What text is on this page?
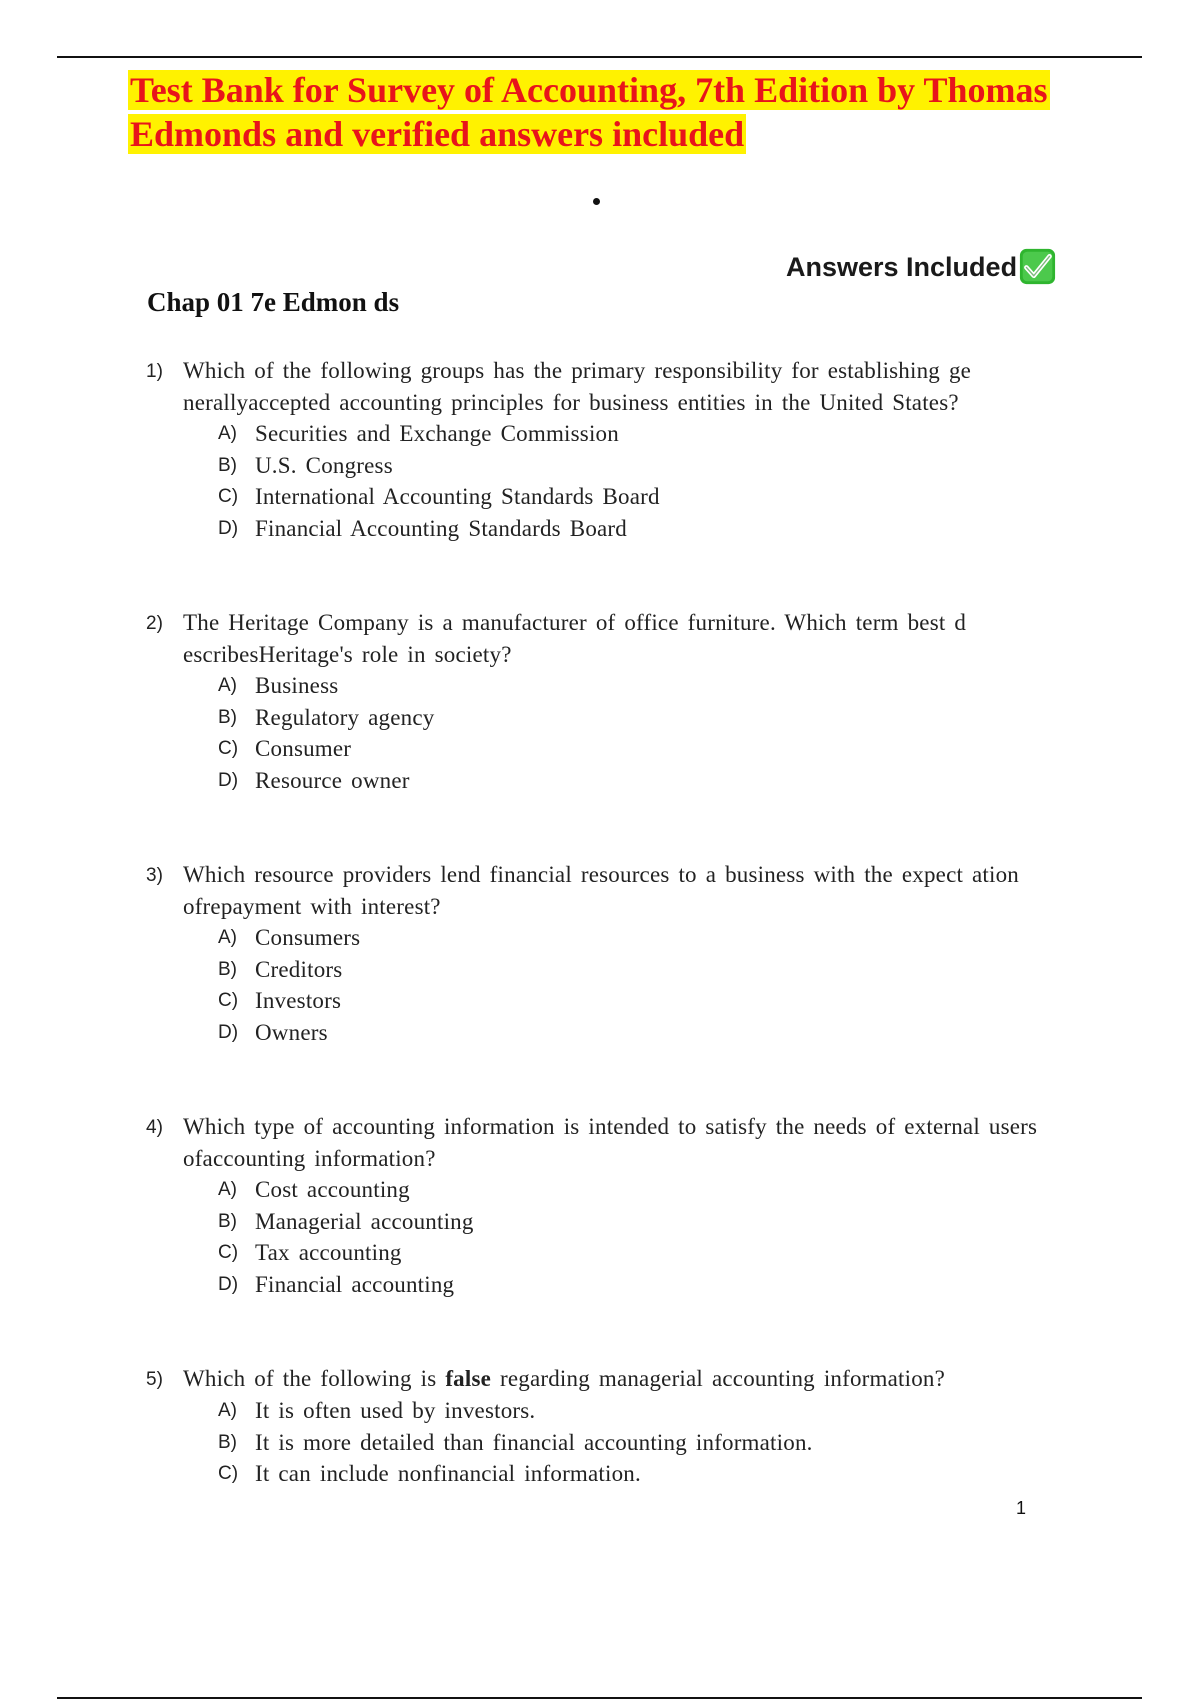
Test Bank for Survey of Accounting, 7th Edition by Thomas
Edmonds and verified answers included
Answers Included
Chap 01 7e Edmon ds
1) Which of the following groups has the primary responsibility for establishing ge nerallyaccepted accounting principles for business entities in the United States?
A) Securities and Exchange Commission
B) U.S. Congress
C) International Accounting Standards Board
D) Financial Accounting Standards Board
2) The Heritage Company is a manufacturer of office furniture. Which term best d escribesHeritage's role in society?
A) Business
B) Regulatory agency
C) Consumer
D) Resource owner
3) Which resource providers lend financial resources to a business with the expect ation ofrepayment with interest?
A) Consumers
B) Creditors
C) Investors
D) Owners
4) Which type of accounting information is intended to satisfy the needs of external users ofaccounting information?
A) Cost accounting
B) Managerial accounting
C) Tax accounting
D) Financial accounting
5) Which of the following is false regarding managerial accounting information?
A) It is often used by investors.
B) It is more detailed than financial accounting information.
C) It can include nonfinancial information.
1
